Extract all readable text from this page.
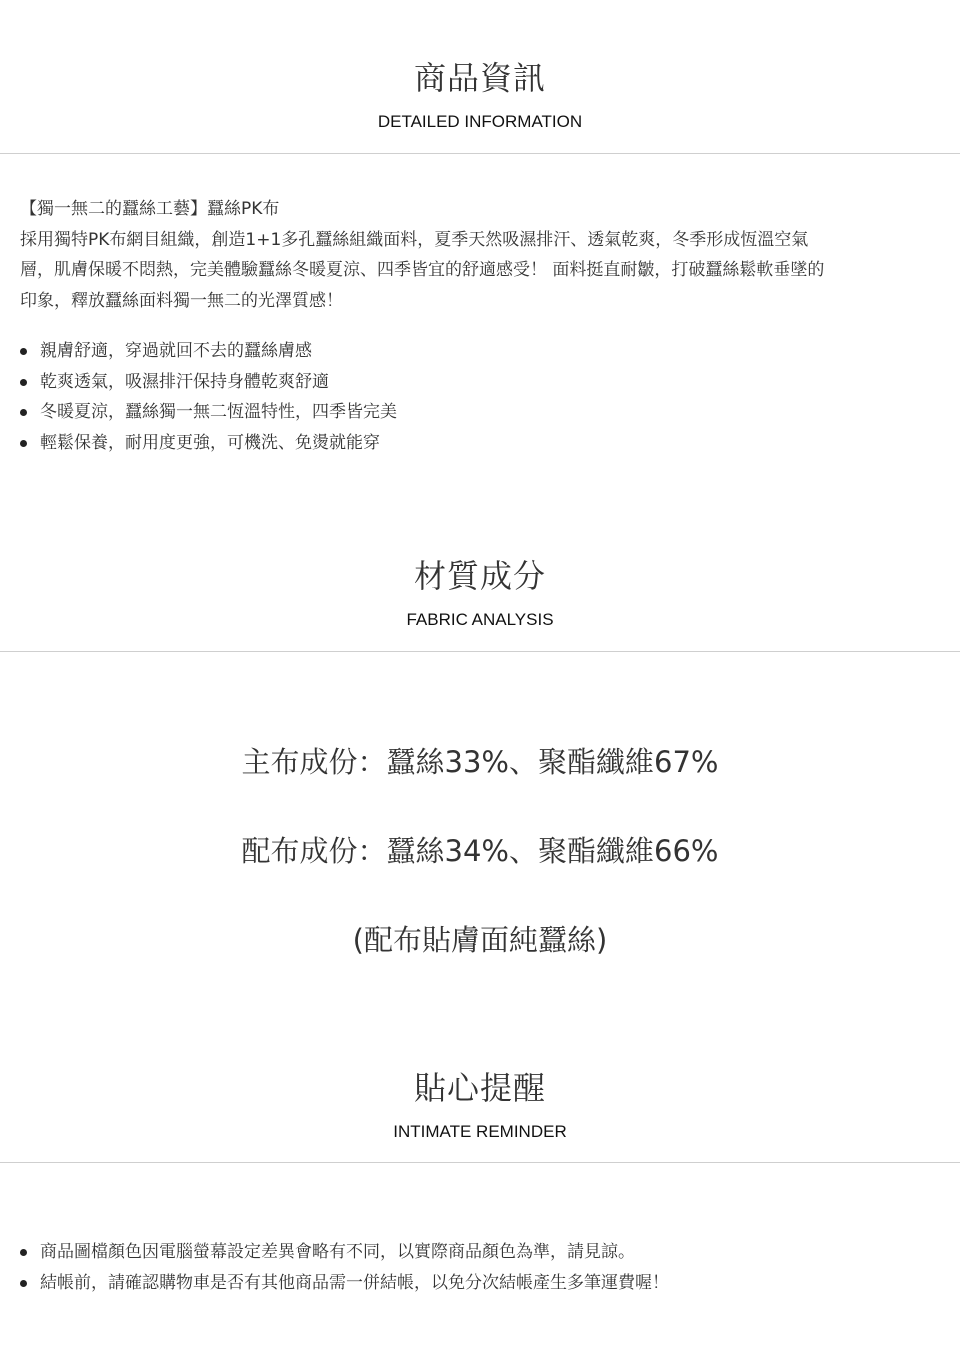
商品資訊
DETAILED INFORMATION

【獨一無二的蠶絲工藝】蠶絲PK布

採用獨特PK布網目組織，創造1+1多孔蠶絲組織面料，夏季天然吸濕排汗、透氣乾爽，冬季形成恆溫空氣

層，肌膚保暖不悶熱，完美體驗蠶絲冬暖夏涼、四季皆宜的舒適感受！ 面料挺直耐皺，打破蠶絲鬆軟垂墜的

印象，釋放蠶絲面料獨一無二的光澤質感！

親膚舒適，穿過就回不去的蠶絲膚感
乾爽透氣，吸濕排汗保持身體乾爽舒適
冬暖夏涼，蠶絲獨一無二恆溫特性，四季皆完美
輕鬆保養，耐用度更強，可機洗、免燙就能穿
材質成分
FABRIC ANALYSIS
主布成份：蠶絲33%、聚酯纖維67%
配布成份：蠶絲34%、聚酯纖維66%
(配布貼膚面純蠶絲)
貼心提醒
INTIMATE REMINDER
商品圖檔顏色因電腦螢幕設定差異會略有不同，以實際商品顏色為準，請見諒。
結帳前，請確認購物車是否有其他商品需一併結帳，以免分次結帳產生多筆運費喔！
